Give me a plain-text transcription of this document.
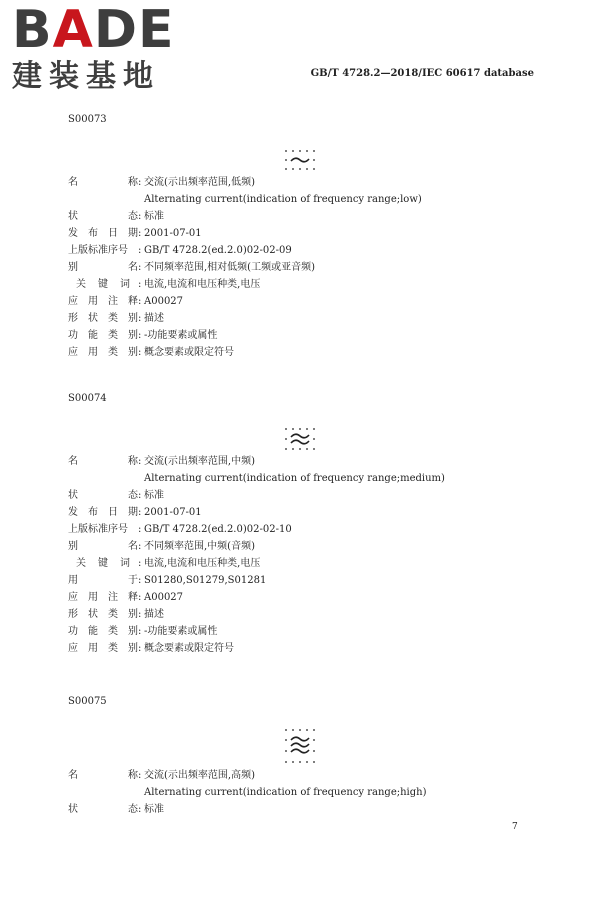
BADE
建装基地	GB/T 4728.2—2018/IEC 60617 database
S00073
名	称 : 交流(示出频率范围,低频)
Alternating current(indication of frequency range;low)
状	态 : 标准
发 布 日 期 : 2001-07-01
上版标准序号	: GB/T 4728.2(ed.2.0)02-02-09
别	名 : 不同频率范围,相对低频(工频或亚音频)
关 键 词 : 电流,电流和电压种类,电压
应 用 注 释 : A00027
形 状 类 别 : 描述
功 能 类 别 : -功能要素或属性
应 用 类 别 : 概念要素或限定符号
S00074
名	称 : 交流(示出频率范围,中频)
Alternating current(indication of frequency range;medium)
状	态 : 标准
发 布 日 期 : 2001-07-01
上版标准序号	: GB/T 4728.2(ed.2.0)02-02-10
别	名 : 不同频率范围,中频(音频)
关 键 词 : 电流,电流和电压种类,电压
用	于 : S01280,S01279,S01281
应 用 注 释 : A00027
形 状 类 别 : 描述
功 能 类 别 : -功能要素或属性
应 用 类 别 : 概念要素或限定符号
S00075
名	称 : 交流(示出频率范围,高频)
Alternating current(indication of frequency range;high)
状	态 : 标准
7
